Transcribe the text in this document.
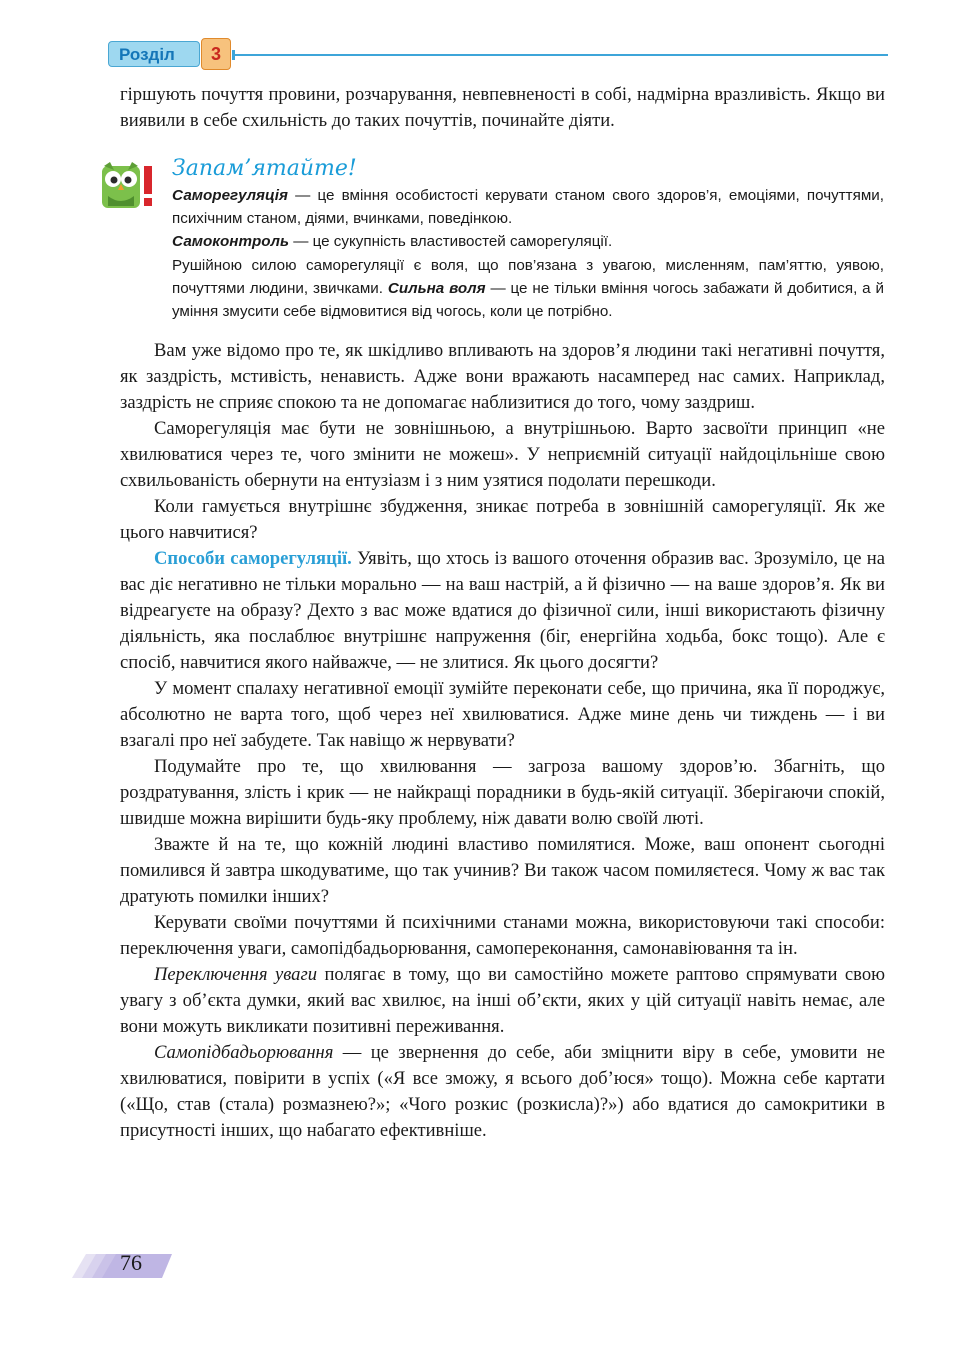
Розділ	3

гіршують почуття провини, розчарування, невпевненості в собі, надмірна вразливість. Якщо ви виявили в себе схильність до таких почуттів, починайте діяти.

Запам’ятайте!
Саморегуляція — це вміння особистості керувати станом свого здоров’я, емоціями, почуттями, психічним станом, діями, вчинками, поведінкою.
Самоконтроль — це сукупність властивостей саморегуляції.
Рушійною силою саморегуляції є воля, що пов’язана з увагою, мисленням, пам’яттю, уявою, почуттями людини, звичками. Сильна воля — це не тільки вміння чогось забажати й добитися, а й уміння змусити себе відмовитися від чогось, коли це потрібно.

Вам уже відомо про те, як шкідливо впливають на здоров’я людини такі негативні почуття, як заздрість, мстивість, ненависть. Адже вони вражають насамперед нас самих. Наприклад, заздрість не сприяє спокою та не допомагає наблизитися до того, чому заздриш.

Саморегуляція має бути не зовнішньою, а внутрішньою. Варто засвоїти принцип «не хвилюватися через те, чого змінити не можеш». У неприємній ситуації найдоцільніше свою схвильованість обернути на ентузіазм і з ним узятися подолати перешкоди.

Коли гамується внутрішнє збудження, зникає потреба в зовнішній саморегуляції. Як же цього навчитися?

Способи саморегуляції. Уявіть, що хтось із вашого оточення образив вас. Зрозуміло, це на вас діє негативно не тільки морально — на ваш настрій, а й фізично — на ваше здоров’я. Як ви відреагуєте на образу? Дехто з вас може вдатися до фізичної сили, інші використають фізичну діяльність, яка послаблює внутрішнє напруження (біг, енергійна ходьба, бокс тощо). Але є спосіб, навчитися якого найважче, — не злитися. Як цього досягти?

У момент спалаху негативної емоції зумійте переконати себе, що причина, яка її породжує, абсолютно не варта того, щоб через неї хвилюватися. Адже мине день чи тиждень — і ви взагалі про неї забудете. Так навіщо ж нервувати?

Подумайте про те, що хвилювання — загроза вашому здоров’ю. Збагніть, що роздратування, злість і крик — не найкращі порадники в будь-якій ситуації. Зберігаючи спокій, швидше можна вирішити будь-яку проблему, ніж давати волю своїй люті.

Зважте й на те, що кожній людині властиво помилятися. Може, ваш опонент сьогодні помилився й завтра шкодуватиме, що так учинив? Ви також часом помиляєтеся. Чому ж вас так дратують помилки інших?

Керувати своїми почуттями й психічними станами можна, використовуючи такі способи: переключення уваги, самопідбадьорювання, самопереконання, самонавіювання та ін.

Переключення уваги полягає в тому, що ви самостійно можете раптово спрямувати свою увагу з об’єкта думки, який вас хвилює, на інші об’єкти, яких у цій ситуації навіть немає, але вони можуть викликати позитивні переживання.

Самопідбадьорювання — це звернення до себе, аби зміцнити віру в себе, умовити не хвилюватися, повірити в успіх («Я все зможу, я всього доб’юся» тощо). Можна себе картати («Що, став (стала) розмазнею?»; «Чого розкис (розкисла)?») або вдатися до самокритики в присутності інших, що набагато ефективніше.

76
